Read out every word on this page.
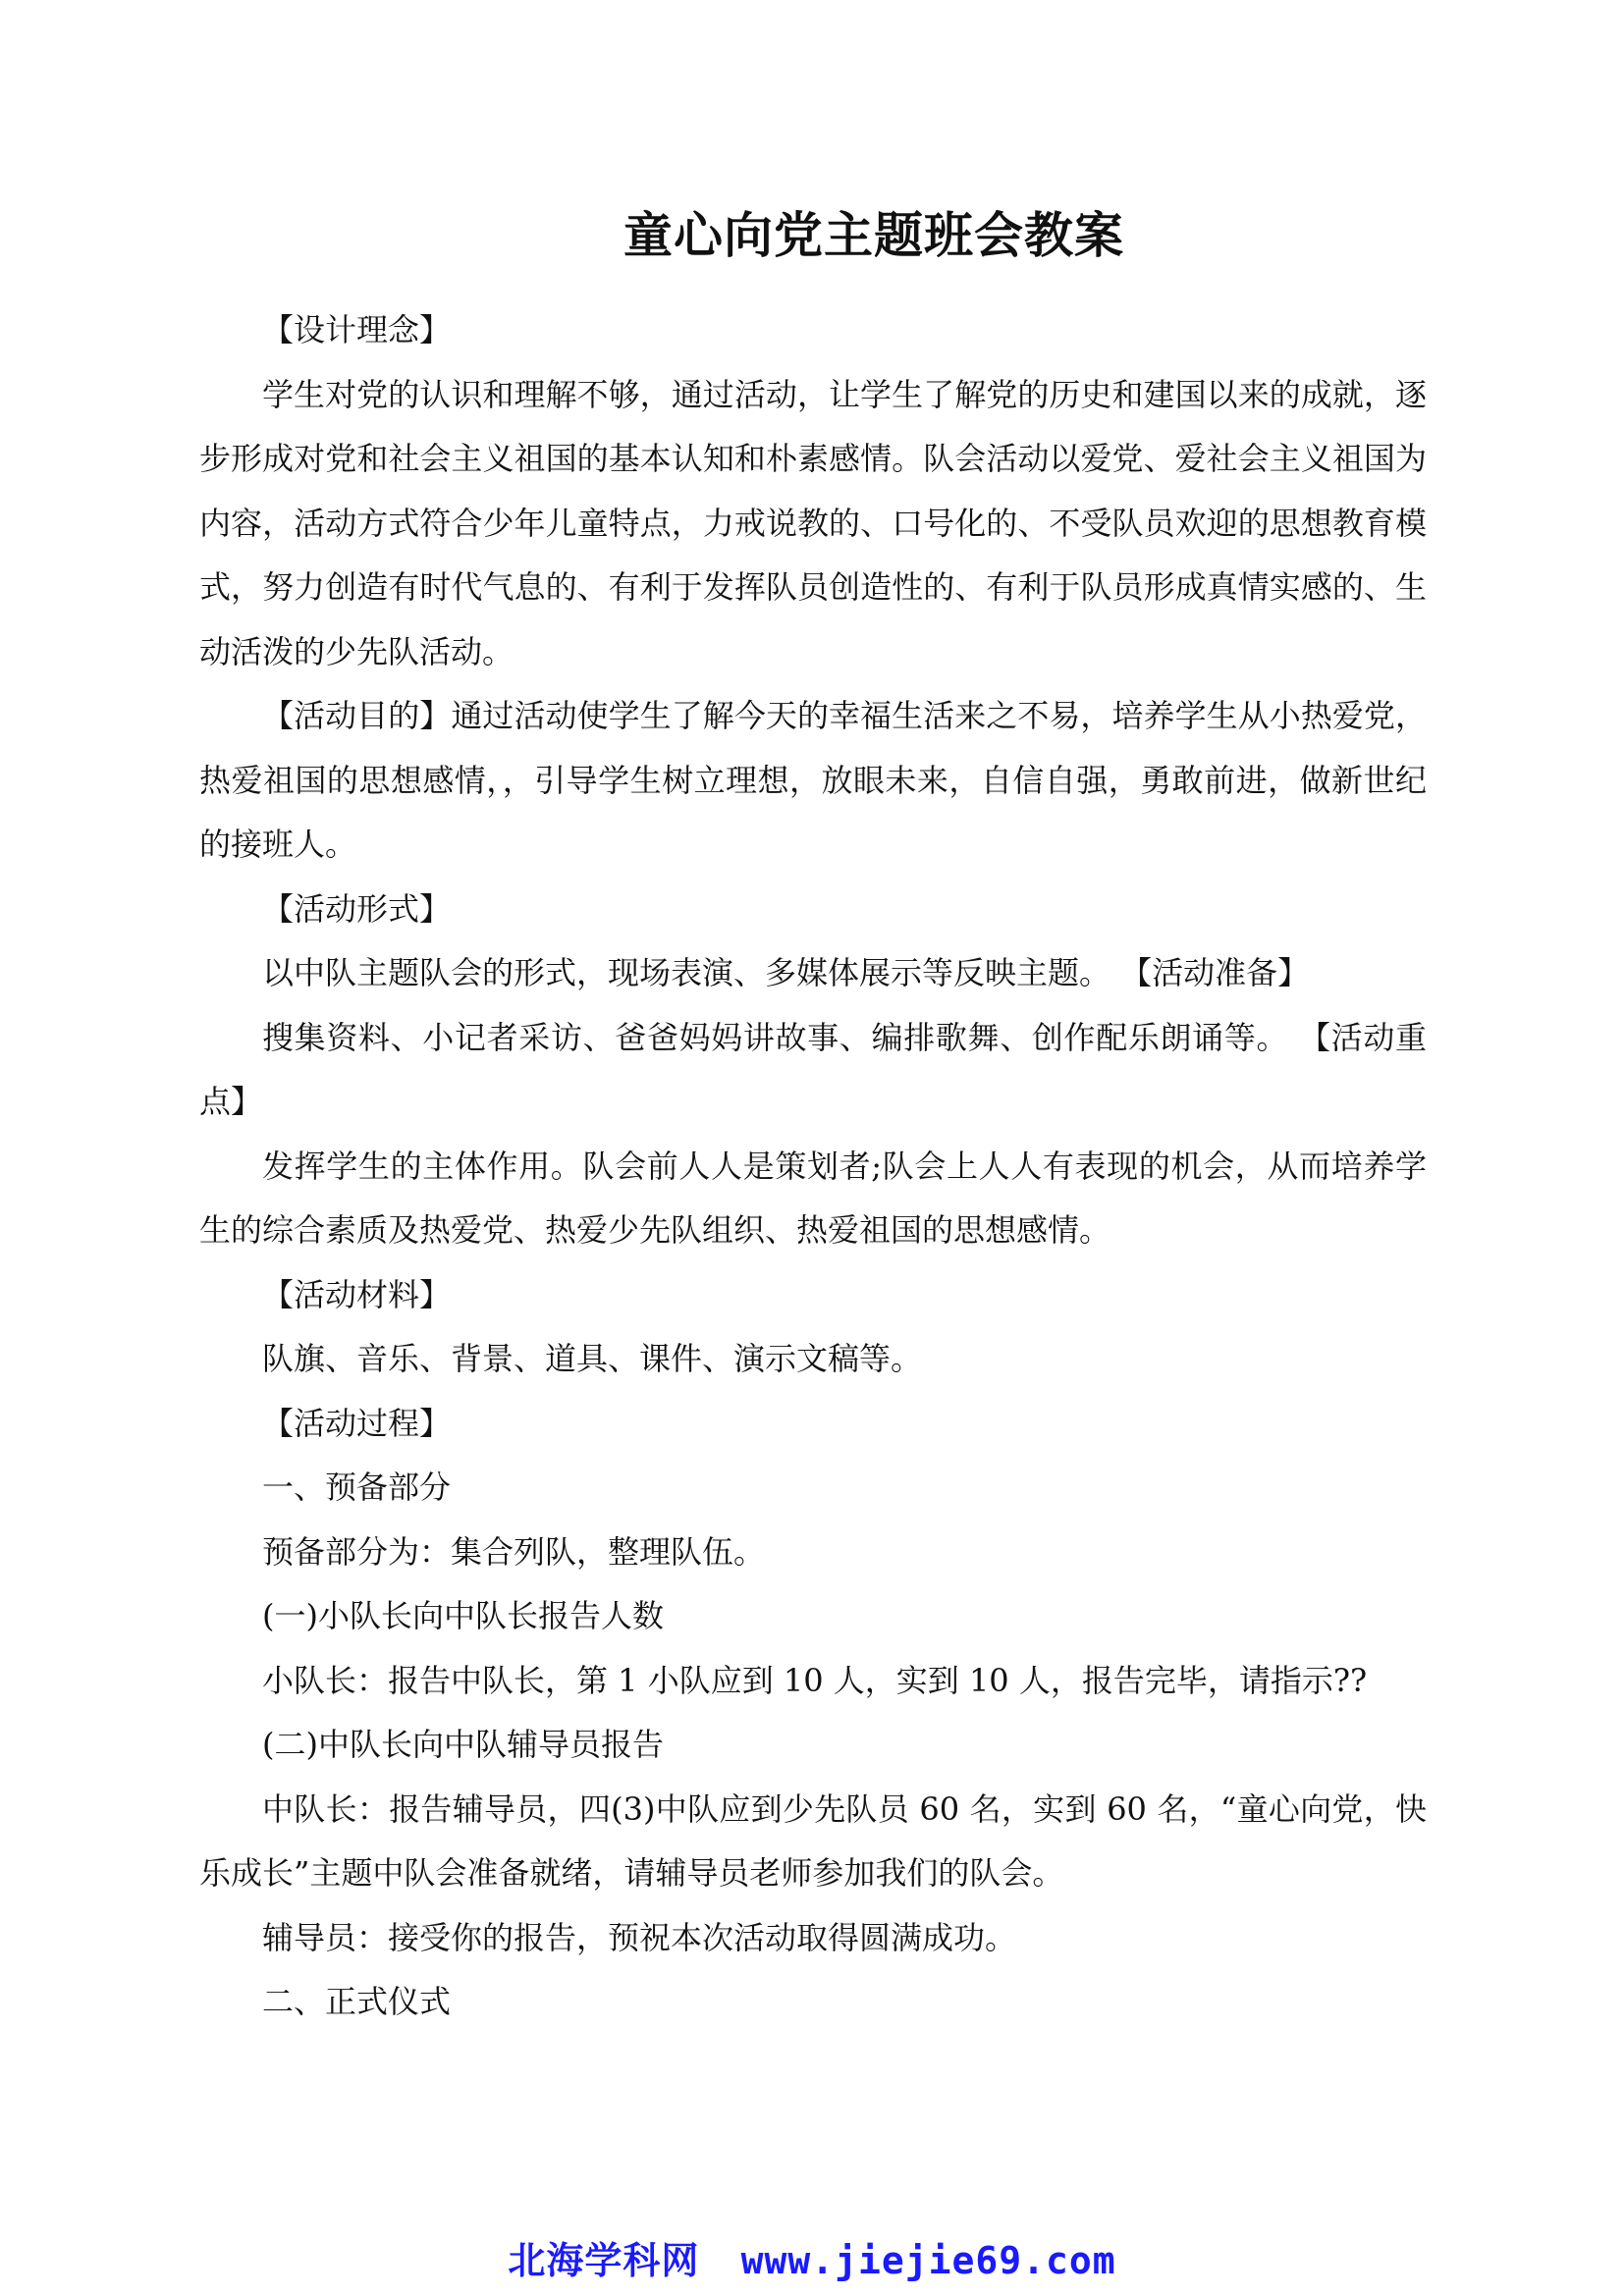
童心向党主题班会教案

【设计理念】

学生对党的认识和理解不够，通过活动，让学生了解党的历史和建国以来的成就，逐步形成对党和社会主义祖国的基本认知和朴素感情。队会活动以爱党、爱社会主义祖国为内容，活动方式符合少年儿童特点，力戒说教的、口号化的、不受队员欢迎的思想教育模式，努力创造有时代气息的、有利于发挥队员创造性的、有利于队员形成真情实感的、生动活泼的少先队活动。

【活动目的】通过活动使学生了解今天的幸福生活来之不易，培养学生从小热爱党，热爱祖国的思想感情，，引导学生树立理想，放眼未来，自信自强，勇敢前进，做新世纪的接班人。

【活动形式】

以中队主题队会的形式，现场表演、多媒体展示等反映主题。 【活动准备】

搜集资料、小记者采访、爸爸妈妈讲故事、编排歌舞、创作配乐朗诵等。 【活动重点】

发挥学生的主体作用。队会前人人是策划者;队会上人人有表现的机会，从而培养学生的综合素质及热爱党、热爱少先队组织、热爱祖国的思想感情。

【活动材料】

队旗、音乐、背景、道具、课件、演示文稿等。

【活动过程】

一、预备部分

预备部分为：集合列队，整理队伍。

(一)小队长向中队长报告人数

小队长：报告中队长，第 1 小队应到 10 人，实到 10 人，报告完毕，请指示??

(二)中队长向中队辅导员报告

中队长：报告辅导员，四(3)中队应到少先队员 60 名，实到 60 名，“童心向党，快乐成长”主题中队会准备就绪，请辅导员老师参加我们的队会。

辅导员：接受你的报告，预祝本次活动取得圆满成功。

二、正式仪式

北海学科网 www.jiejie69.com
